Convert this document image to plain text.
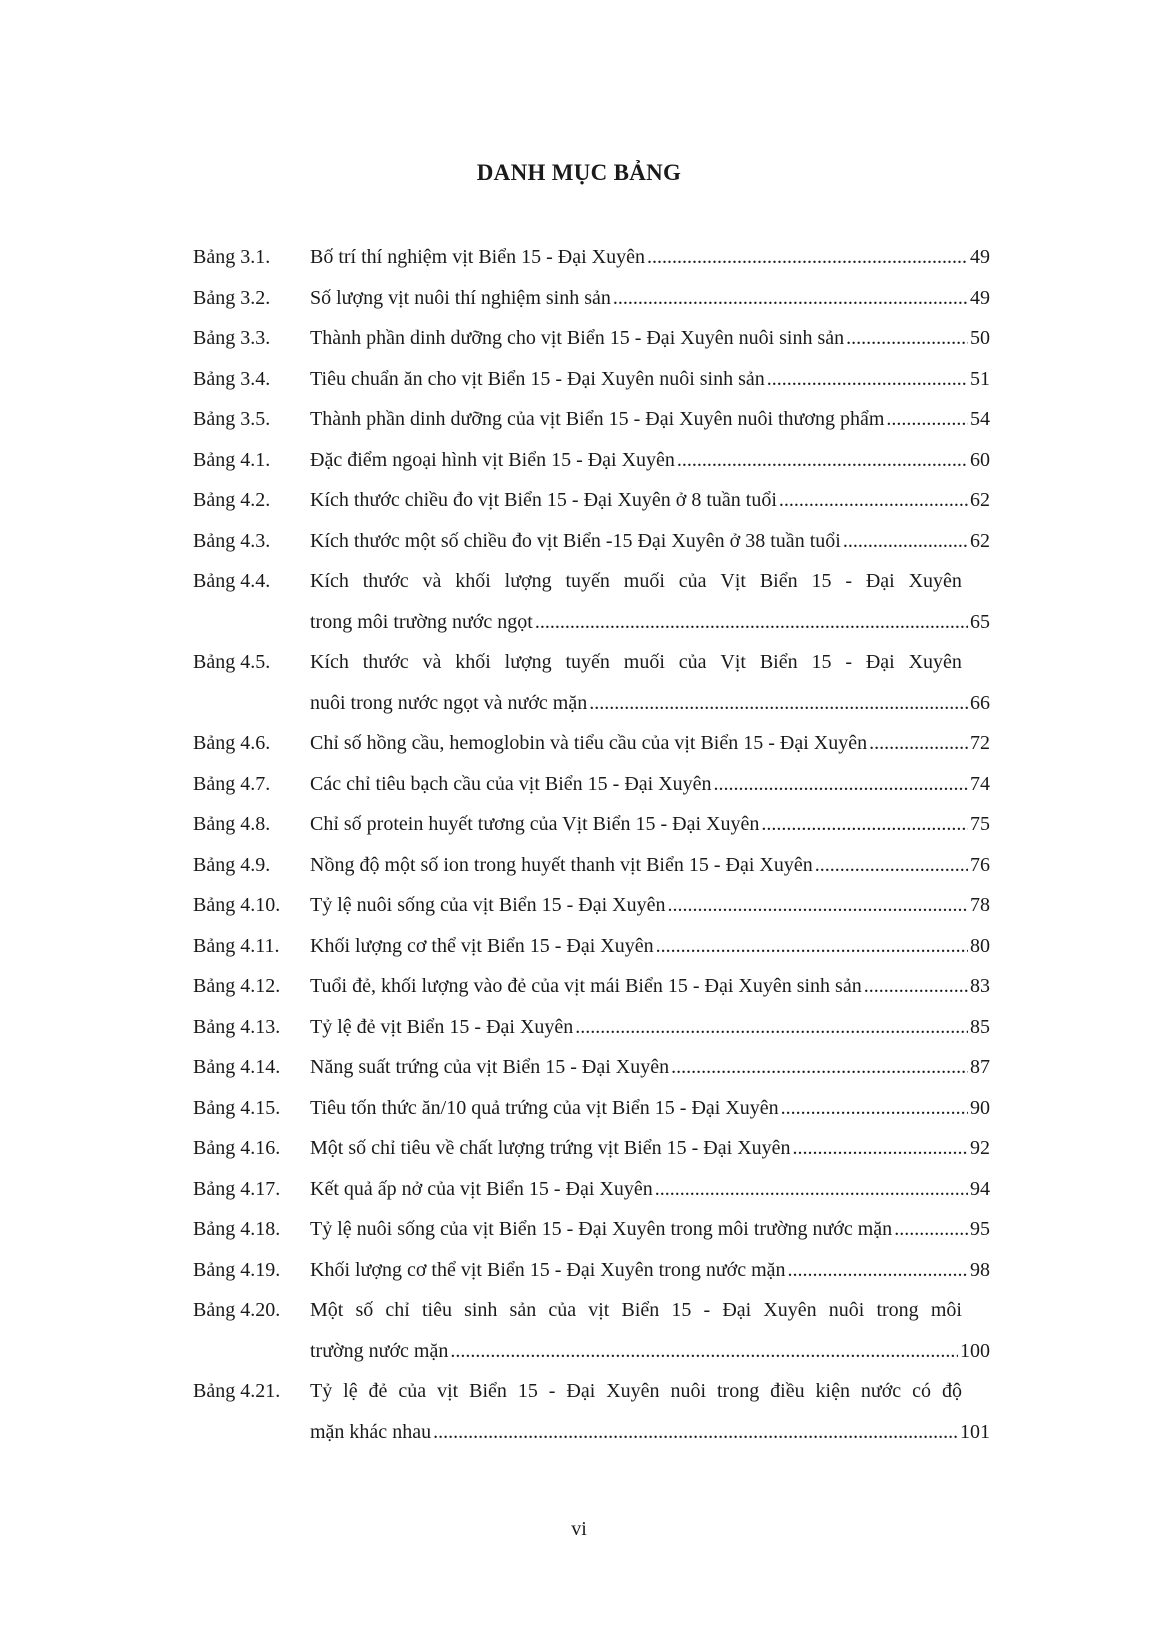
DANH MỤC BẢNG
Bảng 3.1. Bố trí thí nghiệm vịt Biển 15 - Đại Xuyên .....	49
Bảng 3.2. Số lượng vịt nuôi thí nghiệm sinh sản .....	49
Bảng 3.3. Thành phần dinh dưỡng cho vịt Biển 15 - Đại Xuyên nuôi sinh sản .....	50
Bảng 3.4. Tiêu chuẩn ăn cho vịt Biển 15 - Đại Xuyên nuôi sinh sản .....	51
Bảng 3.5. Thành phần dinh dưỡng của vịt Biển 15 - Đại Xuyên nuôi thương phẩm .....	54
Bảng 4.1. Đặc điểm ngoại hình vịt Biển 15 - Đại Xuyên .....	60
Bảng 4.2. Kích thước chiều đo vịt Biển 15 - Đại Xuyên ở 8 tuần tuổi .....	62
Bảng 4.3. Kích thước một số chiều đo vịt Biển -15 Đại Xuyên ở 38 tuần tuổi .....	62
Bảng 4.4. Kích thước và khối lượng tuyến muối của Vịt Biển 15 - Đại Xuyên
trong môi trường nước ngọt .....	65
Bảng 4.5. Kích thước và khối lượng tuyến muối của Vịt Biển 15 - Đại Xuyên
nuôi trong nước ngọt và nước mặn .....	66
Bảng 4.6. Chỉ số hồng cầu, hemoglobin và tiểu cầu của vịt Biển 15 - Đại Xuyên .....	72
Bảng 4.7. Các chỉ tiêu bạch cầu của vịt Biển 15 - Đại Xuyên .....	74
Bảng 4.8. Chỉ số protein huyết tương của Vịt Biển 15 - Đại Xuyên .....	75
Bảng 4.9. Nồng độ một số ion trong huyết thanh vịt Biển 15 - Đại Xuyên .....	76
Bảng 4.10. Tỷ lệ nuôi sống của vịt Biển 15 - Đại Xuyên .....	78
Bảng 4.11. Khối lượng cơ thể vịt Biển 15 - Đại Xuyên .....	80
Bảng 4.12. Tuổi đẻ, khối lượng vào đẻ của vịt mái Biển 15 - Đại Xuyên sinh sản .....	83
Bảng 4.13. Tỷ lệ đẻ vịt Biển 15 - Đại Xuyên .....	85
Bảng 4.14. Năng suất trứng của vịt Biển 15 - Đại Xuyên .....	87
Bảng 4.15. Tiêu tốn thức ăn/10 quả trứng của vịt Biển 15 - Đại Xuyên .....	90
Bảng 4.16. Một số chỉ tiêu về chất lượng trứng vịt Biển 15 - Đại Xuyên .....	92
Bảng 4.17. Kết quả ấp nở của vịt Biển 15 - Đại Xuyên .....	94
Bảng 4.18. Tỷ lệ nuôi sống của vịt Biển 15 - Đại Xuyên trong môi trường nước mặn .....	95
Bảng 4.19. Khối lượng cơ thể vịt Biển 15 - Đại Xuyên trong nước mặn .....	98
Bảng 4.20. Một số chỉ tiêu sinh sản của vịt Biển 15 - Đại Xuyên nuôi trong môi
trường nước mặn .....	100
Bảng 4.21. Tỷ lệ đẻ của vịt Biển 15 - Đại Xuyên nuôi trong điều kiện nước có độ
mặn khác nhau .....	101
vi
